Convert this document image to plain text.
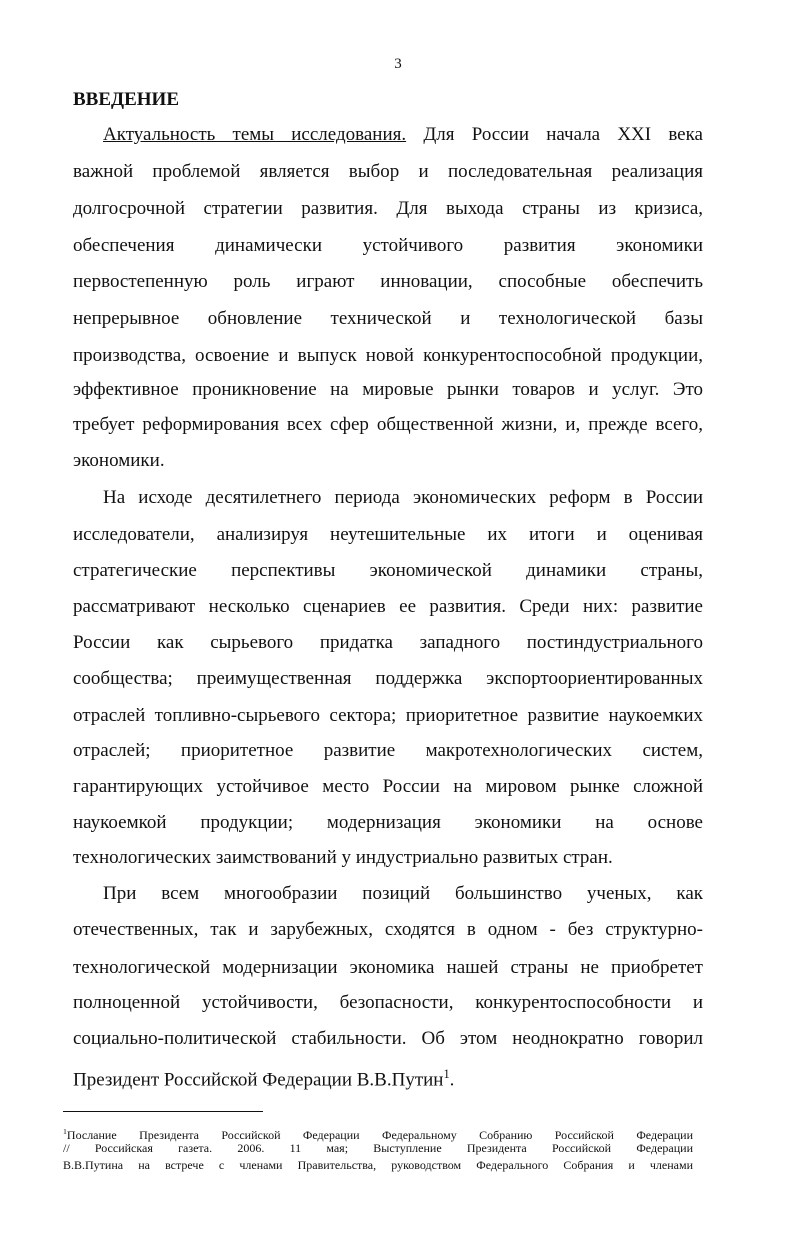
3
ВВЕДЕНИЕ
Актуальность темы исследования. Для России начала XXI века
важной проблемой является выбор и последовательная реализация
долгосрочной стратегии развития. Для выхода страны из кризиса,
обеспечения динамически устойчивого развития экономики
первостепенную роль играют инновации, способные обеспечить
непрерывное обновление технической и технологической базы
производства, освоение и выпуск новой конкурентоспособной продукции,
эффективное проникновение на мировые рынки товаров и услуг. Это
требует реформирования всех сфер общественной жизни, и, прежде всего,
экономики.
На исходе десятилетнего периода экономических реформ в России
исследователи, анализируя неутешительные их итоги и оценивая
стратегические перспективы экономической динамики страны,
рассматривают несколько сценариев ее развития. Среди них: развитие
России как сырьевого придатка западного постиндустриального
сообщества; преимущественная поддержка экспортоориентированных
отраслей топливно-сырьевого сектора; приоритетное развитие наукоемких
отраслей; приоритетное развитие макротехнологических систем,
гарантирующих устойчивое место России на мировом рынке сложной
наукоемкой продукции; модернизация экономики на основе
технологических заимствований у индустриально развитых стран.
При всем многообразии позиций большинство ученых, как
отечественных, так и зарубежных, сходятся в одном - без структурно-
технологической модернизации экономика нашей страны не приобретет
полноценной устойчивости, безопасности, конкурентоспособности и
социально-политической стабильности. Об этом неоднократно говорил
Президент Российской Федерации В.В.Путин$^1$.
$^1$Послание Президента Российской Федерации Федеральному Собранию Российской Федерации
// Российская газета. 2006. 11 мая; Выступление Президента Российской Федерации
В.В.Путина на встрече с членами Правительства, руководством Федерального Собрания и членами
